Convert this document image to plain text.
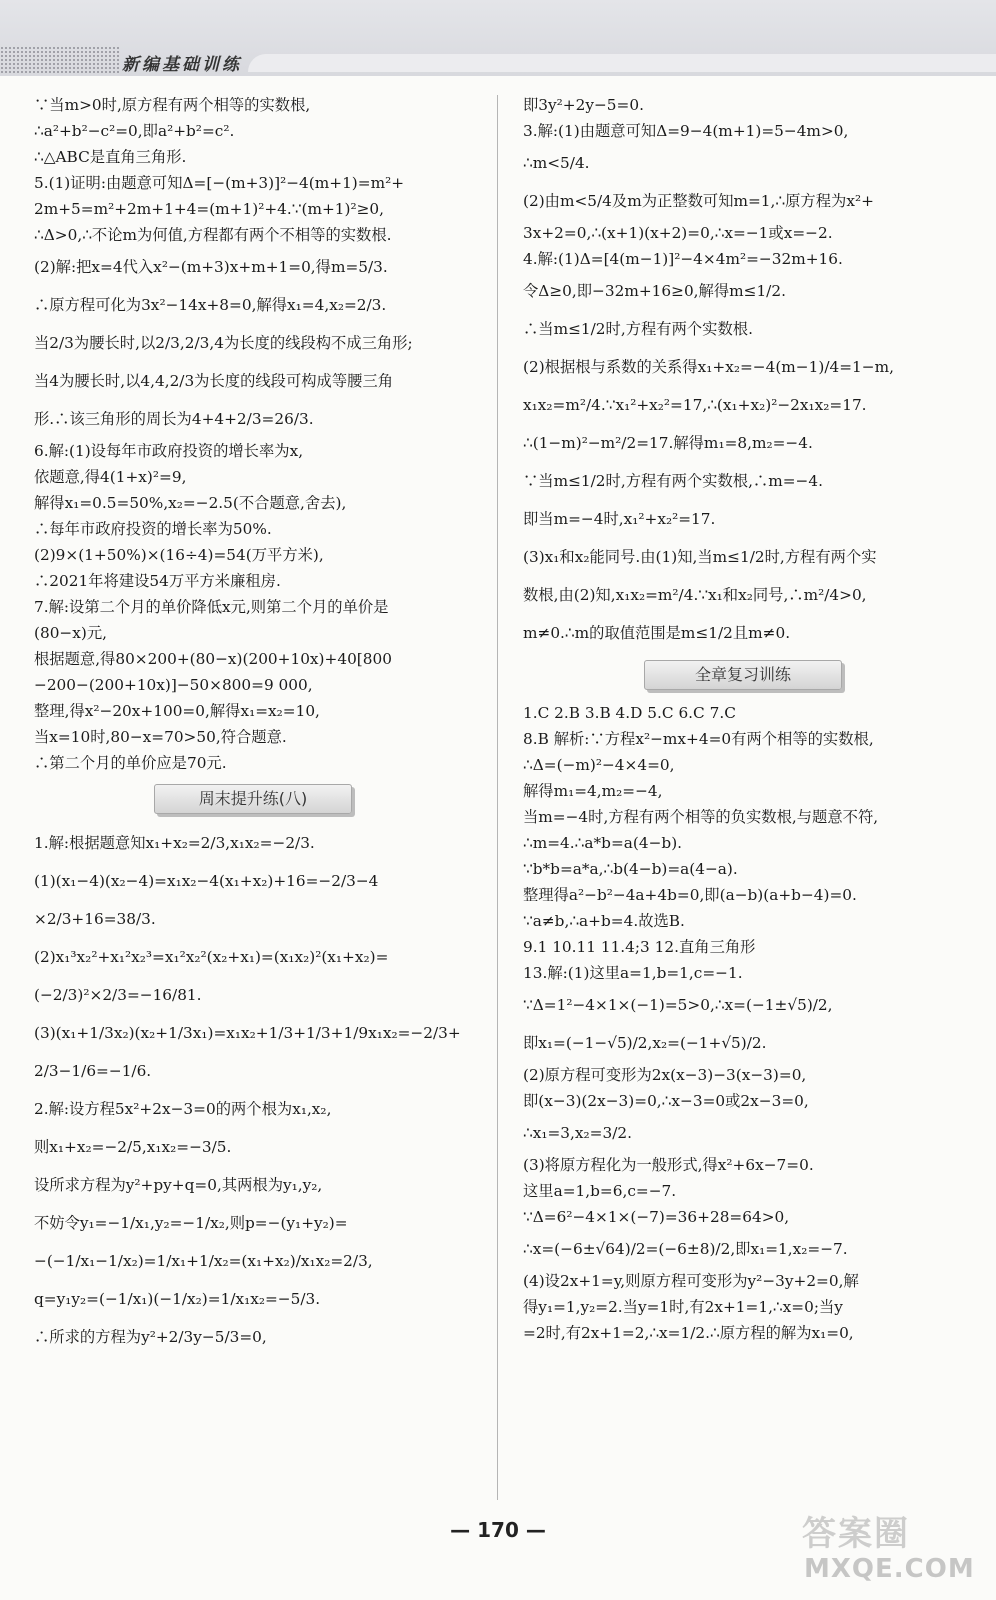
新编基础训练

∵当m>0时,原方程有两个相等的实数根,

∴a²+b²−c²=0,即a²+b²=c².

∴△ABC是直角三角形.

5.(1)证明:由题意可知Δ=[−(m+3)]²−4(m+1)=m²+

2m+5=m²+2m+1+4=(m+1)²+4.∵(m+1)²≥0,

∴Δ>0,∴不论m为何值,方程都有两个不相等的实数根.

(2)解:把x=4代入x²−(m+3)x+m+1=0,得m=5/3.

∴原方程可化为3x²−14x+8=0,解得x₁=4,x₂=2/3.

当2/3为腰长时,以2/3,2/3,4为长度的线段构不成三角形;

当4为腰长时,以4,4,2/3为长度的线段可构成等腰三角

形.∴该三角形的周长为4+4+2/3=26/3.

6.解:(1)设每年市政府投资的增长率为x,

依题意,得4(1+x)²=9,

解得x₁=0.5=50%,x₂=−2.5(不合题意,舍去),

∴每年市政府投资的增长率为50%.

(2)9×(1+50%)×(16÷4)=54(万平方米),

∴2021年将建设54万平方米廉租房.

7.解:设第二个月的单价降低x元,则第二个月的单价是

(80−x)元,

根据题意,得80×200+(80−x)(200+10x)+40[800

−200−(200+10x)]−50×800=9 000,

整理,得x²−20x+100=0,解得x₁=x₂=10,

当x=10时,80−x=70>50,符合题意.

∴第二个月的单价应是70元.

周末提升练(八)

1.解:根据题意知x₁+x₂=2/3,x₁x₂=−2/3.

(1)(x₁−4)(x₂−4)=x₁x₂−4(x₁+x₂)+16=−2/3−4

×2/3+16=38/3.

(2)x₁³x₂²+x₁²x₂³=x₁²x₂²(x₂+x₁)=(x₁x₂)²(x₁+x₂)=

(−2/3)²×2/3=−16/81.

(3)(x₁+1/3x₂)(x₂+1/3x₁)=x₁x₂+1/3+1/3+1/9x₁x₂=−2/3+

2/3−1/6=−1/6.

2.解:设方程5x²+2x−3=0的两个根为x₁,x₂,

则x₁+x₂=−2/5,x₁x₂=−3/5.

设所求方程为y²+py+q=0,其两根为y₁,y₂,

不妨令y₁=−1/x₁,y₂=−1/x₂,则p=−(y₁+y₂)=

−(−1/x₁−1/x₂)=1/x₁+1/x₂=(x₁+x₂)/x₁x₂=2/3,

q=y₁y₂=(−1/x₁)(−1/x₂)=1/x₁x₂=−5/3.

∴所求的方程为y²+2/3y−5/3=0,

即3y²+2y−5=0.

3.解:(1)由题意可知Δ=9−4(m+1)=5−4m>0,

∴m<5/4.

(2)由m<5/4及m为正整数可知m=1,∴原方程为x²+

3x+2=0,∴(x+1)(x+2)=0,∴x=−1或x=−2.

4.解:(1)Δ=[4(m−1)]²−4×4m²=−32m+16.

令Δ≥0,即−32m+16≥0,解得m≤1/2.

∴当m≤1/2时,方程有两个实数根.

(2)根据根与系数的关系得x₁+x₂=−4(m−1)/4=1−m,

x₁x₂=m²/4.∵x₁²+x₂²=17,∴(x₁+x₂)²−2x₁x₂=17.

∴(1−m)²−m²/2=17.解得m₁=8,m₂=−4.

∵当m≤1/2时,方程有两个实数根,∴m=−4.

即当m=−4时,x₁²+x₂²=17.

(3)x₁和x₂能同号.由(1)知,当m≤1/2时,方程有两个实

数根,由(2)知,x₁x₂=m²/4.∵x₁和x₂同号,∴m²/4>0,

m≠0.∴m的取值范围是m≤1/2且m≠0.

全章复习训练

1.C 2.B 3.B 4.D 5.C 6.C 7.C

8.B 解析:∵方程x²−mx+4=0有两个相等的实数根,

∴Δ=(−m)²−4×4=0,

解得m₁=4,m₂=−4,

当m=−4时,方程有两个相等的负实数根,与题意不符,

∴m=4.∴a*b=a(4−b).

∵b*b=a*a,∴b(4−b)=a(4−a).

整理得a²−b²−4a+4b=0,即(a−b)(a+b−4)=0.

∵a≠b,∴a+b=4.故选B.

9.1 10.11 11.4;3 12.直角三角形

13.解:(1)这里a=1,b=1,c=−1.

∵Δ=1²−4×1×(−1)=5>0,∴x=(−1±√5)/2,

即x₁=(−1−√5)/2,x₂=(−1+√5)/2.

(2)原方程可变形为2x(x−3)−3(x−3)=0,

即(x−3)(2x−3)=0,∴x−3=0或2x−3=0,

∴x₁=3,x₂=3/2.

(3)将原方程化为一般形式,得x²+6x−7=0.

这里a=1,b=6,c=−7.

∵Δ=6²−4×1×(−7)=36+28=64>0,

∴x=(−6±√64)/2=(−6±8)/2,即x₁=1,x₂=−7.

(4)设2x+1=y,则原方程可变形为y²−3y+2=0,解

得y₁=1,y₂=2.当y=1时,有2x+1=1,∴x=0;当y

=2时,有2x+1=2,∴x=1/2.∴原方程的解为x₁=0,

— 170 —	答案圈
MXQE.COM
